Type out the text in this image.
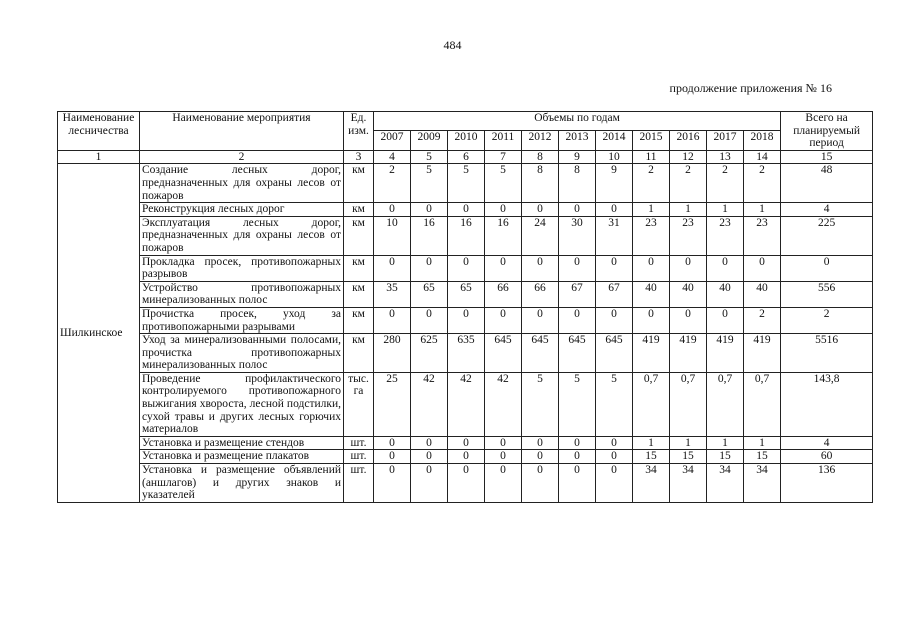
484
продолжение приложения № 16
Наименование лесничества	Наименование мероприятия	Ед. изм.	Объемы по годам											Всего на планируемый период
			2007	2009	2010	2011	2012	2013	2014	2015	2016	2017	2018	
1	2	3	4	5	6	7	8	9	10	11	12	13	14	15
Шилкинское	Создание лесных дорог, предназначенных для охраны лесов от пожаров	км	2	5	5	5	8	8	9	2	2	2	2	48
	Реконструкция лесных дорог	км	0	0	0	0	0	0	0	1	1	1	1	4
	Эксплуатация лесных дорог, предназначенных для охраны лесов от пожаров	км	10	16	16	16	24	30	31	23	23	23	23	225
	Прокладка просек, противопожарных разрывов	км	0	0	0	0	0	0	0	0	0	0	0	0
	Устройство противопожарных минерализованных полос	км	35	65	65	66	66	67	67	40	40	40	40	556
	Прочистка просек, уход за противопожарными разрывами	км	0	0	0	0	0	0	0	0	0	0	2	2
	Уход за минерализованными полосами, прочистка противопожарных минерализованных полос	км	280	625	635	645	645	645	645	419	419	419	419	5516
	Проведение профилактического контролируемого противопожарного выжигания хвороста, лесной подстилки, сухой травы и других лесных горючих материалов	тыс. га	25	42	42	42	5	5	5	0,7	0,7	0,7	0,7	143,8
	Установка и размещение стендов	шт.	0	0	0	0	0	0	0	1	1	1	1	4
	Установка и размещение плакатов	шт.	0	0	0	0	0	0	0	15	15	15	15	60
	Установка и размещение объявлений (аншлагов) и других знаков и указателей	шт.	0	0	0	0	0	0	0	34	34	34	34	136
